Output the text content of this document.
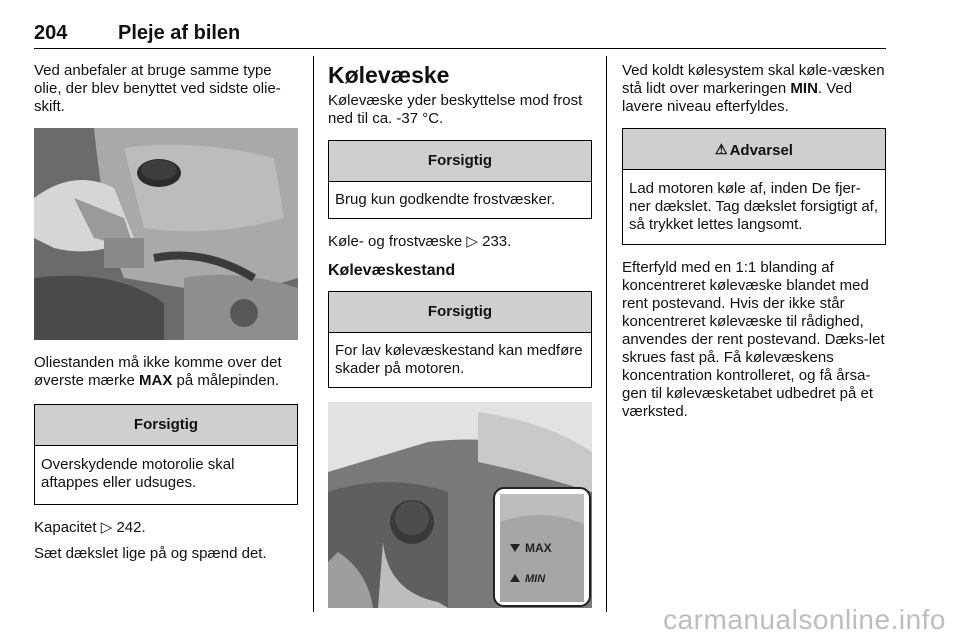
204	Pleje af bilen

Ved anbefaler at bruge samme type olie, der blev benyttet ved sidste olie-skift.

Oliestanden må ikke komme over det øverste mærke MAX på målepinden.

Forsigtig
Overskydende motorolie skal aftappes eller udsuges.

Kapacitet ▷ 242.

Sæt dækslet lige på og spænd det.

Kølevæske

Kølevæske yder beskyttelse mod frost ned til ca. -37 °C.

Forsigtig
Brug kun godkendte frostvæsker.

Køle- og frostvæske ▷ 233.

Kølevæskestand
Forsigtig
For lav kølevæskestand kan medføre skader på motoren.
MAX
MIN

Ved koldt kølesystem skal køle-væsken stå lidt over markeringen MIN. Ved lavere niveau efterfyldes.

⚠ Advarsel
Lad motoren køle af, inden De fjer-ner dækslet. Tag dækslet forsigtigt af, så trykket lettes langsomt.

Efterfyld med en 1:1 blanding af koncentreret kølevæske blandet med rent postevand. Hvis der ikke står koncentreret kølevæske til rådighed, anvendes der rent postevand. Dæks-let skrues fast på. Få kølevæskens koncentration kontrolleret, og få årsa-gen til kølevæsketabet udbedret på et værksted.

carmanualsonline.info
